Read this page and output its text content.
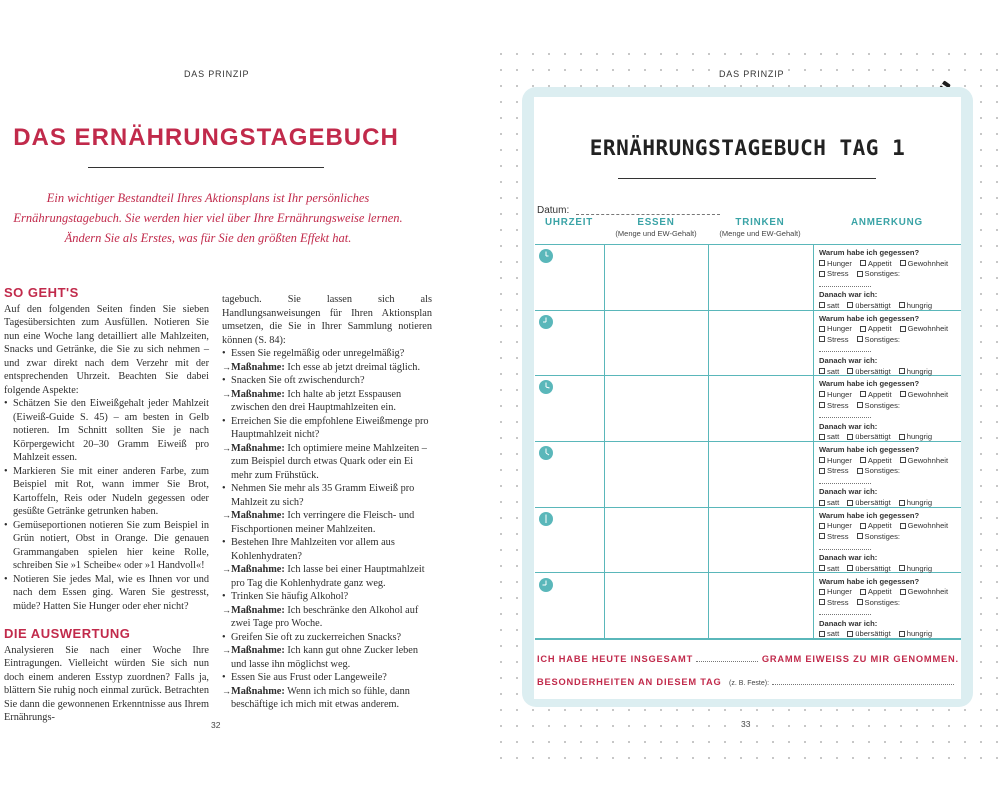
DAS PRINZIP
DAS ERNÄHRUNGSTAGEBUCH

Ein wichtiger Bestandteil Ihres Aktionsplans ist Ihr persönliches Ernährungstagebuch. Sie werden hier viel über Ihre Ernährungsweise lernen. Ändern Sie als Erstes, was für Sie den größten Effekt hat.

SO GEHT'S

Auf den folgenden Seiten finden Sie sieben Tagesübersichten zum Ausfüllen. Notieren Sie nun eine Woche lang detailliert alle Mahlzeiten, Snacks und Getränke, die Sie zu sich nehmen – und zwar direkt nach dem Verzehr mit der entsprechenden Uhrzeit. Beachten Sie dabei folgende Aspekte:

• Schätzen Sie den Eiweißgehalt jeder Mahlzeit (Eiweiß-Guide S. 45) – am besten in Gelb notieren. Im Schnitt sollten Sie je nach Körpergewicht 20–30 Gramm Eiweiß pro Mahlzeit essen.
• Markieren Sie mit einer anderen Farbe, zum Beispiel mit Rot, wann immer Sie Brot, Kartoffeln, Reis oder Nudeln gegessen oder gesüßte Getränke getrunken haben.
• Gemüseportionen notieren Sie zum Beispiel in Grün notiert, Obst in Orange. Die genauen Grammangaben spielen hier keine Rolle, schreiben Sie »1 Scheibe« oder »1 Handvoll«!
• Notieren Sie jedes Mal, wie es Ihnen vor und nach dem Essen ging. Waren Sie gestresst, müde? Hatten Sie Hunger oder eher nicht?
DIE AUSWERTUNG

Analysieren Sie nach einer Woche Ihre Eintragungen. Vielleicht würden Sie sich nun doch einem anderen Esstyp zuordnen? Falls ja, blättern Sie ruhig noch einmal zurück. Betrachten Sie dann die gewonnenen Erkenntnisse aus Ihrem Ernährungs-

tagebuch. Sie lassen sich als Handlungsanweisungen für Ihren Aktionsplan umsetzen, die Sie in Ihrer Sammlung notieren können (S. 84):

• Essen Sie regelmäßig oder unregelmäßig?
→ Maßnahme: Ich esse ab jetzt dreimal täglich.
• Snacken Sie oft zwischendurch?
→ Maßnahme: Ich halte ab jetzt Esspausen zwischen den drei Hauptmahlzeiten ein.
• Erreichen Sie die empfohlene Eiweißmenge pro Hauptmahlzeit nicht?
→ Maßnahme: Ich optimiere meine Mahlzeiten – zum Beispiel durch etwas Quark oder ein Ei mehr zum Frühstück.
• Nehmen Sie mehr als 35 Gramm Eiweiß pro Mahlzeit zu sich?
→ Maßnahme: Ich verringere die Fleisch- und Fischportionen meiner Mahlzeiten.
• Bestehen Ihre Mahlzeiten vor allem aus Kohlenhydraten?
→ Maßnahme: Ich lasse bei einer Hauptmahlzeit pro Tag die Kohlenhydrate ganz weg.
• Trinken Sie häufig Alkohol?
→ Maßnahme: Ich beschränke den Alkohol auf zwei Tage pro Woche.
• Greifen Sie oft zu zuckerreichen Snacks?
→ Maßnahme: Ich kann gut ohne Zucker leben und lasse ihn möglichst weg.
• Essen Sie aus Frust oder Langeweile?
→ Maßnahme: Wenn ich mich so fühle, dann beschäftige ich mich mit etwas anderem.
32
DAS PRINZIP
ERNÄHRUNGSTAGEBUCH TAG 1
Datum:
UHRZEIT	ESSEN
(Menge und EW-Gehalt)
TRINKEN
(Menge und EW-Gehalt)
ANMERKUNG
Warum habe ich gegessen?
Hunger Appetit Gewohnheit
Stress Sonstiges:
Danach war ich:
satt übersättigt hungrig
Warum habe ich gegessen?
Hunger Appetit Gewohnheit
Stress Sonstiges:
Danach war ich:
satt übersättigt hungrig
Warum habe ich gegessen?
Hunger Appetit Gewohnheit
Stress Sonstiges:
Danach war ich:
satt übersättigt hungrig
Warum habe ich gegessen?
Hunger Appetit Gewohnheit
Stress Sonstiges:
Danach war ich:
satt übersättigt hungrig
Warum habe ich gegessen?
Hunger Appetit Gewohnheit
Stress Sonstiges:
Danach war ich:
satt übersättigt hungrig
Warum habe ich gegessen?
Hunger Appetit Gewohnheit
Stress Sonstiges:
Danach war ich:
satt übersättigt hungrig
ICH HABE HEUTE INSGESAMT	GRAMM EIWEISS ZU MIR GENOMMEN.
BESONDERHEITEN AN DIESEM TAG (z. B. Feste):
33
